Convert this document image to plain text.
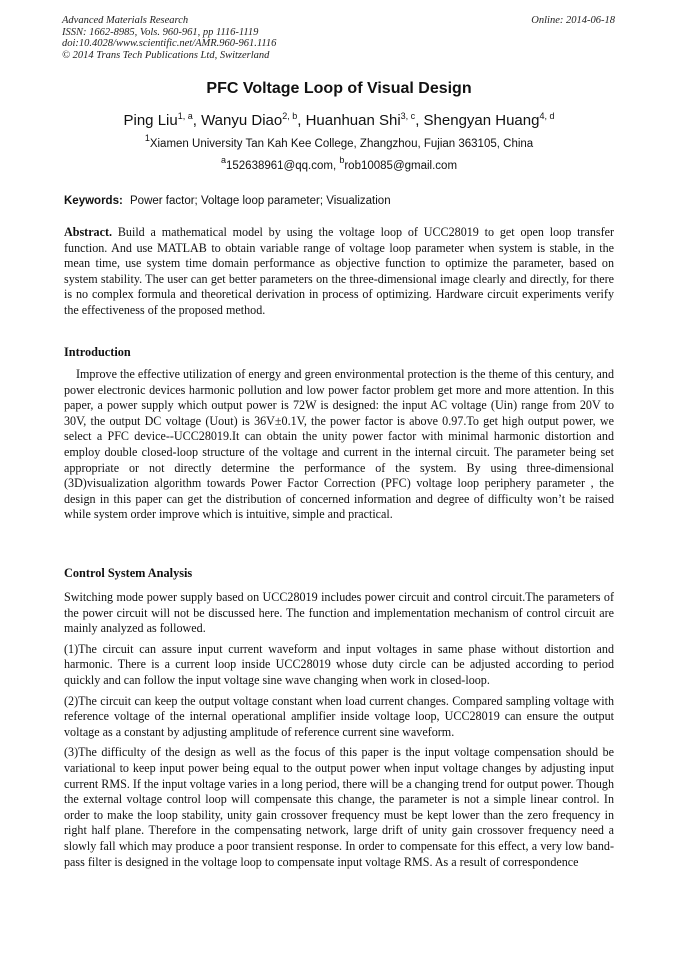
Advanced Materials Research
ISSN: 1662-8985, Vols. 960-961, pp 1116-1119
doi:10.4028/www.scientific.net/AMR.960-961.1116
© 2014 Trans Tech Publications Ltd, Switzerland
Online: 2014-06-18
PFC Voltage Loop of Visual Design
Ping Liu$^{1, a}$, Wanyu Diao$^{2, b}$, Huanhuan Shi$^{3, c}$, Shengyan Huang$^{4, d}$
$^1$Xiamen University Tan Kah Kee College, Zhangzhou, Fujian 363105, China
$^a$152638961@qq.com, $^b$rob10085@gmail.com
Keywords: Power factor; Voltage loop parameter; Visualization

Abstract. Build a mathematical model by using the voltage loop of UCC28019 to get open loop transfer function. And use MATLAB to obtain variable range of voltage loop parameter when system is stable, in the mean time, use system time domain performance as objective function to optimize the parameter, based on system stability. The user can get better parameters on the three-dimensional image clearly and directly, for there is no complex formula and theoretical derivation in process of optimizing. Hardware circuit experiments verify the effectiveness of the proposed method.

Introduction

Improve the effective utilization of energy and green environmental protection is the theme of this century, and power electronic devices harmonic pollution and low power factor problem get more and more attention. In this paper, a power supply which output power is 72W is designed: the input AC voltage (Uin) range from 20V to 30V, the output DC voltage (Uout) is 36V±0.1V, the power factor is above 0.97.To get high output power, we select a PFC device--UCC28019.It can obtain the unity power factor with minimal harmonic distortion and employ double closed-loop structure of the voltage and current in the internal circuit. The parameter being set appropriate or not directly determine the performance of the system. By using three-dimensional (3D)visualization algorithm towards Power Factor Correction (PFC) voltage loop periphery parameter , the design in this paper can get the distribution of concerned information and degree of difficulty won’t be raised while system order improve which is intuitive, simple and practical.

Control System Analysis

Switching mode power supply based on UCC28019 includes power circuit and control circuit.The parameters of the power circuit will not be discussed here. The function and implementation mechanism of control circuit are mainly analyzed as followed.

(1)The circuit can assure input current waveform and input voltages in same phase without distortion and harmonic. There is a current loop inside UCC28019 whose duty circle can be adjusted according to period quickly and can follow the input voltage sine wave changing when work in closed-loop.

(2)The circuit can keep the output voltage constant when load current changes. Compared sampling voltage with reference voltage of the internal operational amplifier inside voltage loop, UCC28019 can ensure the output voltage as a constant by adjusting amplitude of reference current sine waveform.

(3)The difficulty of the design as well as the focus of this paper is the input voltage compensation should be variational to keep input power being equal to the output power when input voltage changes by adjusting input current RMS. If the input voltage varies in a long period, there will be a changing trend for output power. Though the external voltage control loop will compensate this change, the parameter is not a simple linear control. In order to make the loop stability, unity gain crossover frequency must be kept lower than the zero frequency in right half plane. Therefore in the compensating network, large drift of unity gain crossover frequency need a slowly fall which may produce a poor transient response. In order to compensate for this effect, a very low band-pass filter is designed in the voltage loop to compensate input voltage RMS. As a result of correspondence
